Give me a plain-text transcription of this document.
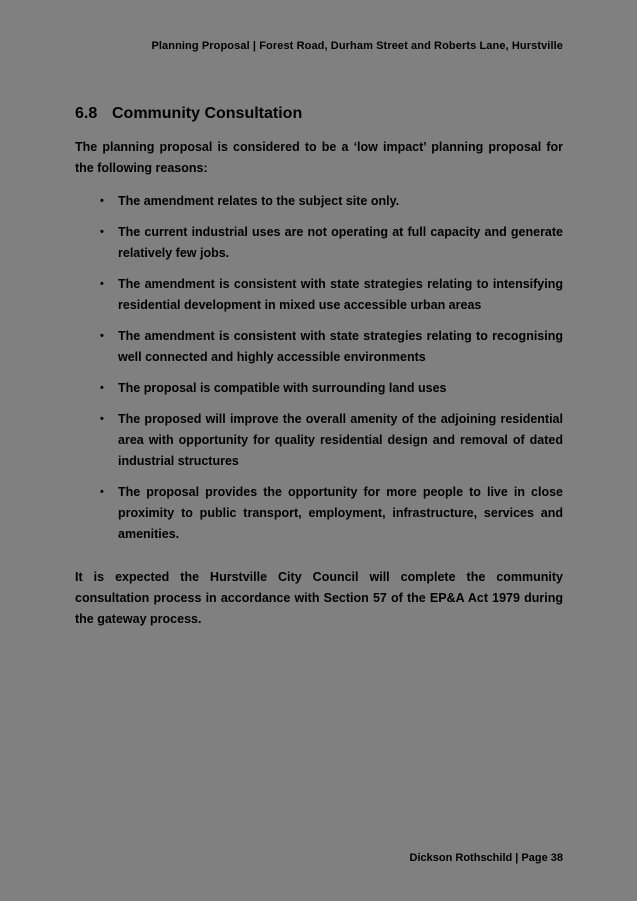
Planning Proposal | Forest Road, Durham Street and Roberts Lane, Hurstville
6.8 Community Consultation

The planning proposal is considered to be a ‘low impact’ planning proposal for the following reasons:

• The amendment relates to the subject site only.
• The current industrial uses are not operating at full capacity and generate relatively few jobs.
• The amendment is consistent with state strategies relating to intensifying residential development in mixed use accessible urban areas
• The amendment is consistent with state strategies relating to recognising well connected and highly accessible environments
• The proposal is compatible with surrounding land uses
• The proposed will improve the overall amenity of the adjoining residential area with opportunity for quality residential design and removal of dated industrial structures
• The proposal provides the opportunity for more people to live in close proximity to public transport, employment, infrastructure, services and amenities.

It is expected the Hurstville City Council will complete the community consultation process in accordance with Section 57 of the EP&A Act 1979 during the gateway process.

Dickson Rothschild | Page 38
